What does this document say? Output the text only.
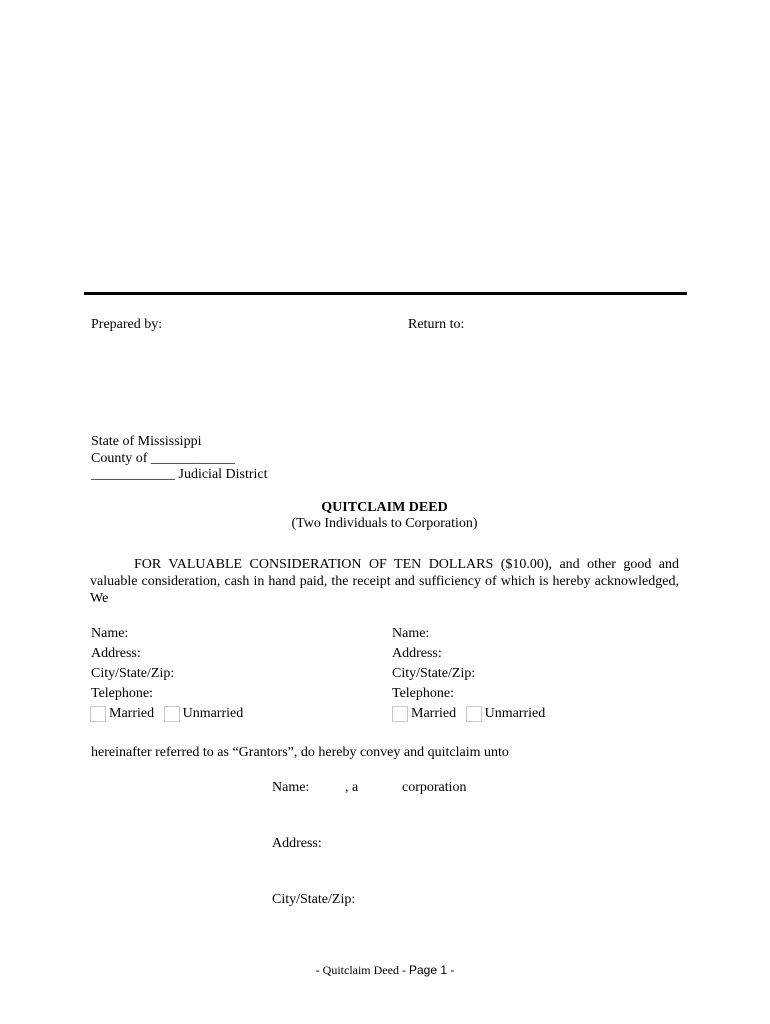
Prepared by:	Return to:
State of Mississippi
County of ____________
____________ Judicial District
QUITCLAIM DEED
(Two Individuals to Corporation)
FOR VALUABLE CONSIDERATION OF TEN DOLLARS ($10.00), and other good and valuable consideration, cash in hand paid, the receipt and sufficiency of which is hereby acknowledged, We
Name:
Address:
City/State/Zip:
Telephone:
Married
Unmarried
Name:
Address:
City/State/Zip:
Telephone:
Married
Unmarried
hereinafter referred to as “Grantors”, do hereby convey and quitclaim unto
Name:	, a	corporation
Address:
City/State/Zip:
- Quitclaim Deed - Page 1 -
